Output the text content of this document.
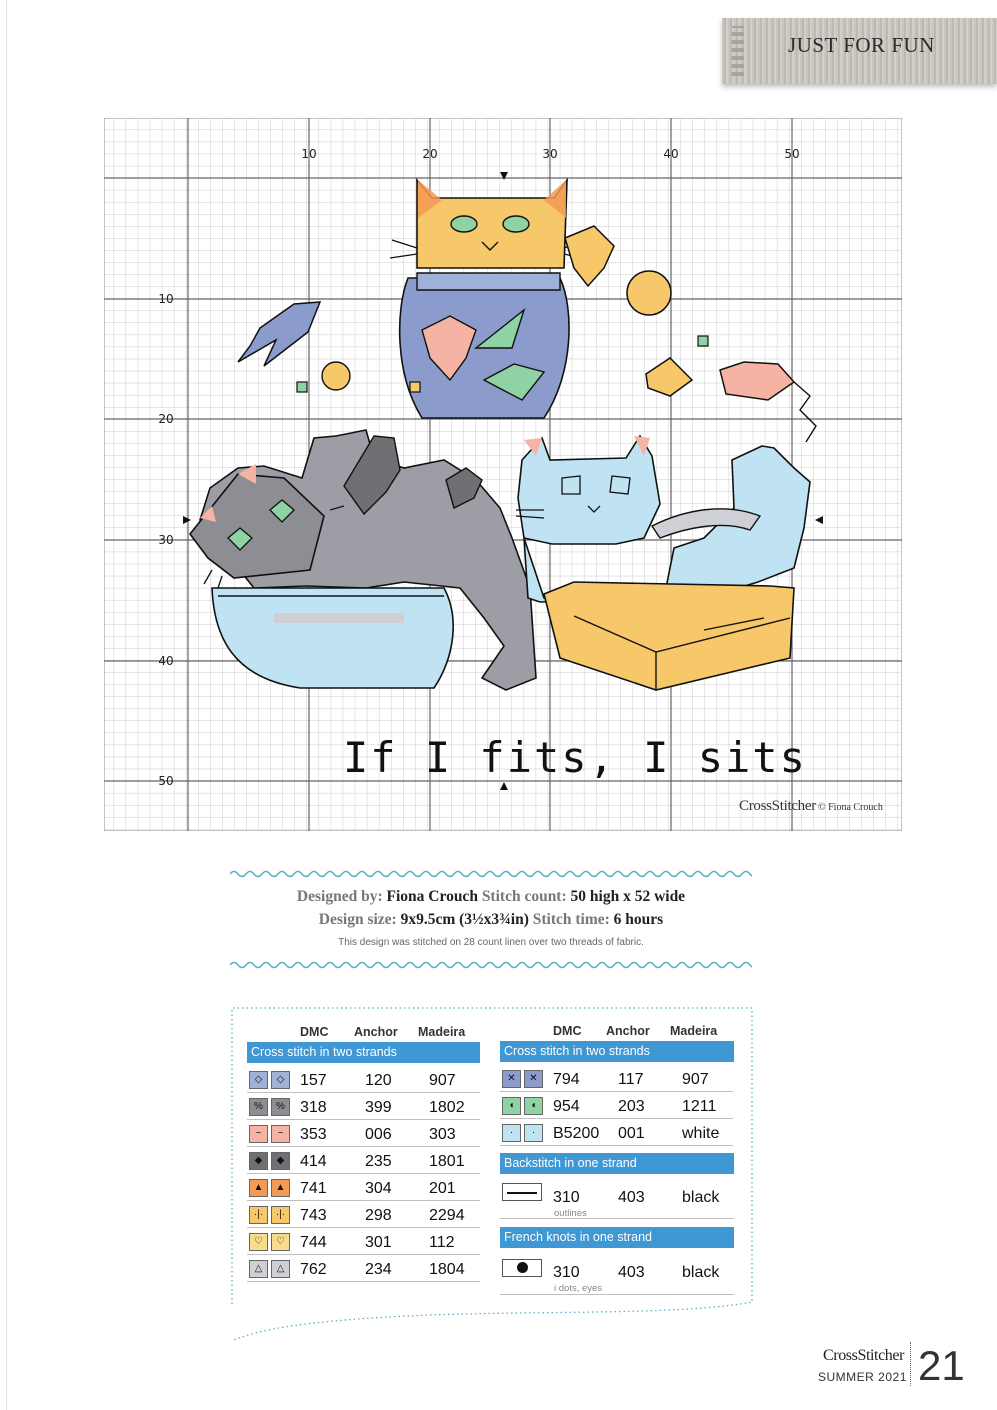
JUST FOR FUN
If I fits, I sits
10	20	30	40	50
10
20
30
40
50
CrossStitcher © Fiona Crouch
Designed by: Fiona Crouch Stitch count: 50 high x 52 wide
Design size: 9x9.5cm (3½x3¾in) Stitch time: 6 hours
This design was stitched on 28 count linen over two threads of fabric.
DMC Anchor Madeira
Cross stitch in two strands
◇	◇ 157 120 907
%	% 318 399 1802
~	~	353 006 303
◆	◆ 414 235 1801
▲	▲ 741 304 201
·|·	·|· 743 298 2294
♡	♡ 744 301 112
△	△ 762 234 1804
DMC Anchor Madeira
Cross stitch in two strands
✕	✕ 794 117 907
◖	◖	954 203 1211
·	·	B5200 001 white
Backstitch in one strand
310 403 black
outlines
French knots in one strand
310 403 black
i dots, eyes
CrossStitcher
SUMMER 2021 21
